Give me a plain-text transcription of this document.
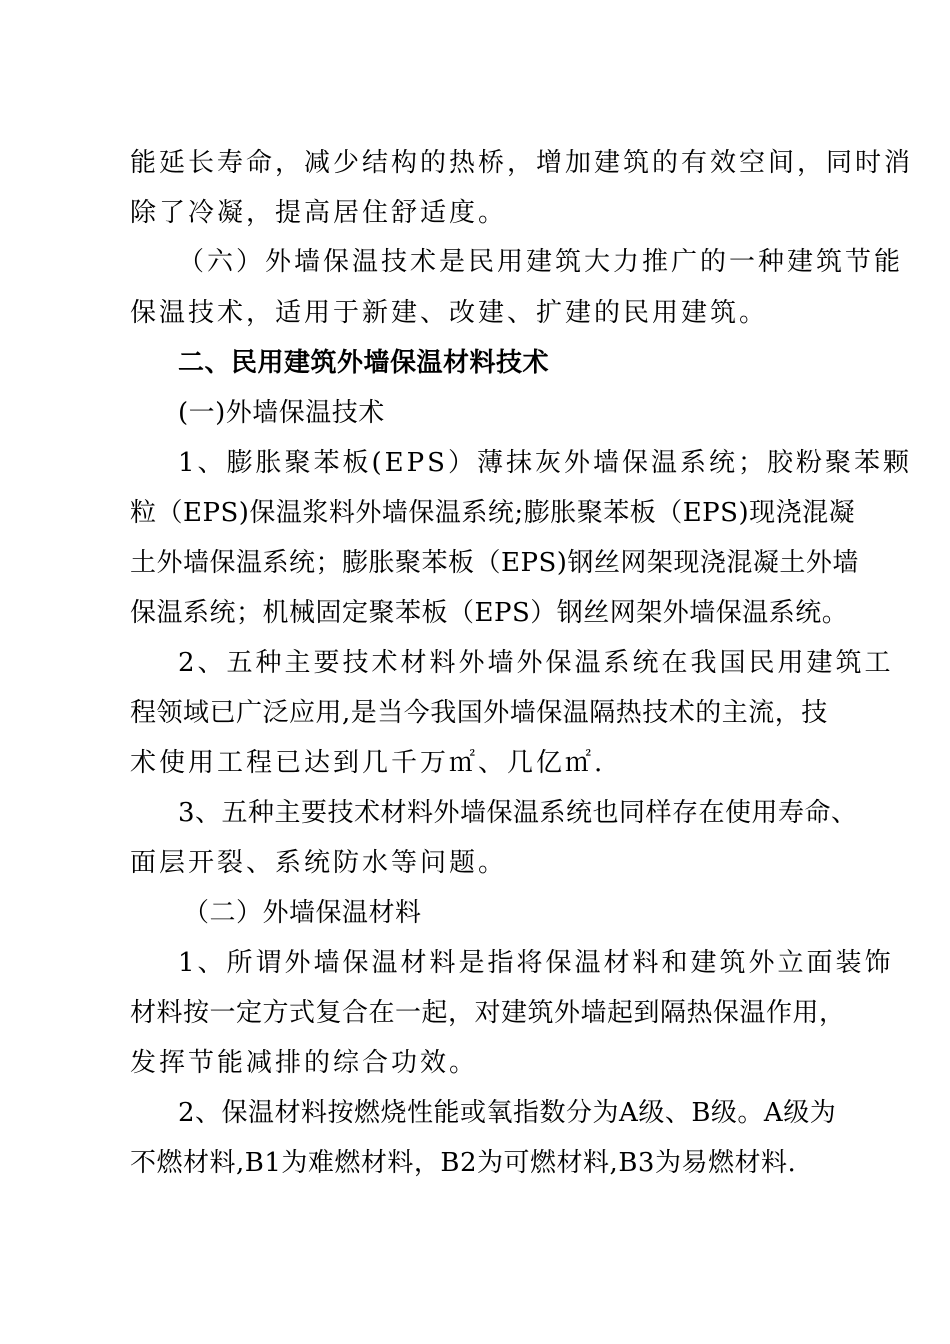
能延长寿命，减少结构的热桥，增加建筑的有效空间，同时消
除了冷凝，提高居住舒适度。
（六）外墙保温技术是民用建筑大力推广的一种建筑节能
保温技术，适用于新建、改建、扩建的民用建筑。
二、民用建筑外墙保温材料技术
(一)外墙保温技术
1、膨胀聚苯板(EPS）薄抹灰外墙保温系统；胶粉聚苯颗
粒（EPS)保温浆料外墙保温系统;膨胀聚苯板（EPS)现浇混凝
土外墙保温系统；膨胀聚苯板（EPS)钢丝网架现浇混凝土外墙
保温系统；机械固定聚苯板（EPS）钢丝网架外墙保温系统。
2、五种主要技术材料外墙外保温系统在我国民用建筑工
程领域已广泛应用,是当今我国外墙保温隔热技术的主流，技
术使用工程已达到几千万㎡、几亿㎡.
3、五种主要技术材料外墙保温系统也同样存在使用寿命、
面层开裂、系统防水等问题。
（二）外墙保温材料
1、所谓外墙保温材料是指将保温材料和建筑外立面装饰
材料按一定方式复合在一起，对建筑外墙起到隔热保温作用，
发挥节能减排的综合功效。
2、保温材料按燃烧性能或氧指数分为A级、B级。A级为
不燃材料,B1为难燃材料，B2为可燃材料,B3为易燃材料.
